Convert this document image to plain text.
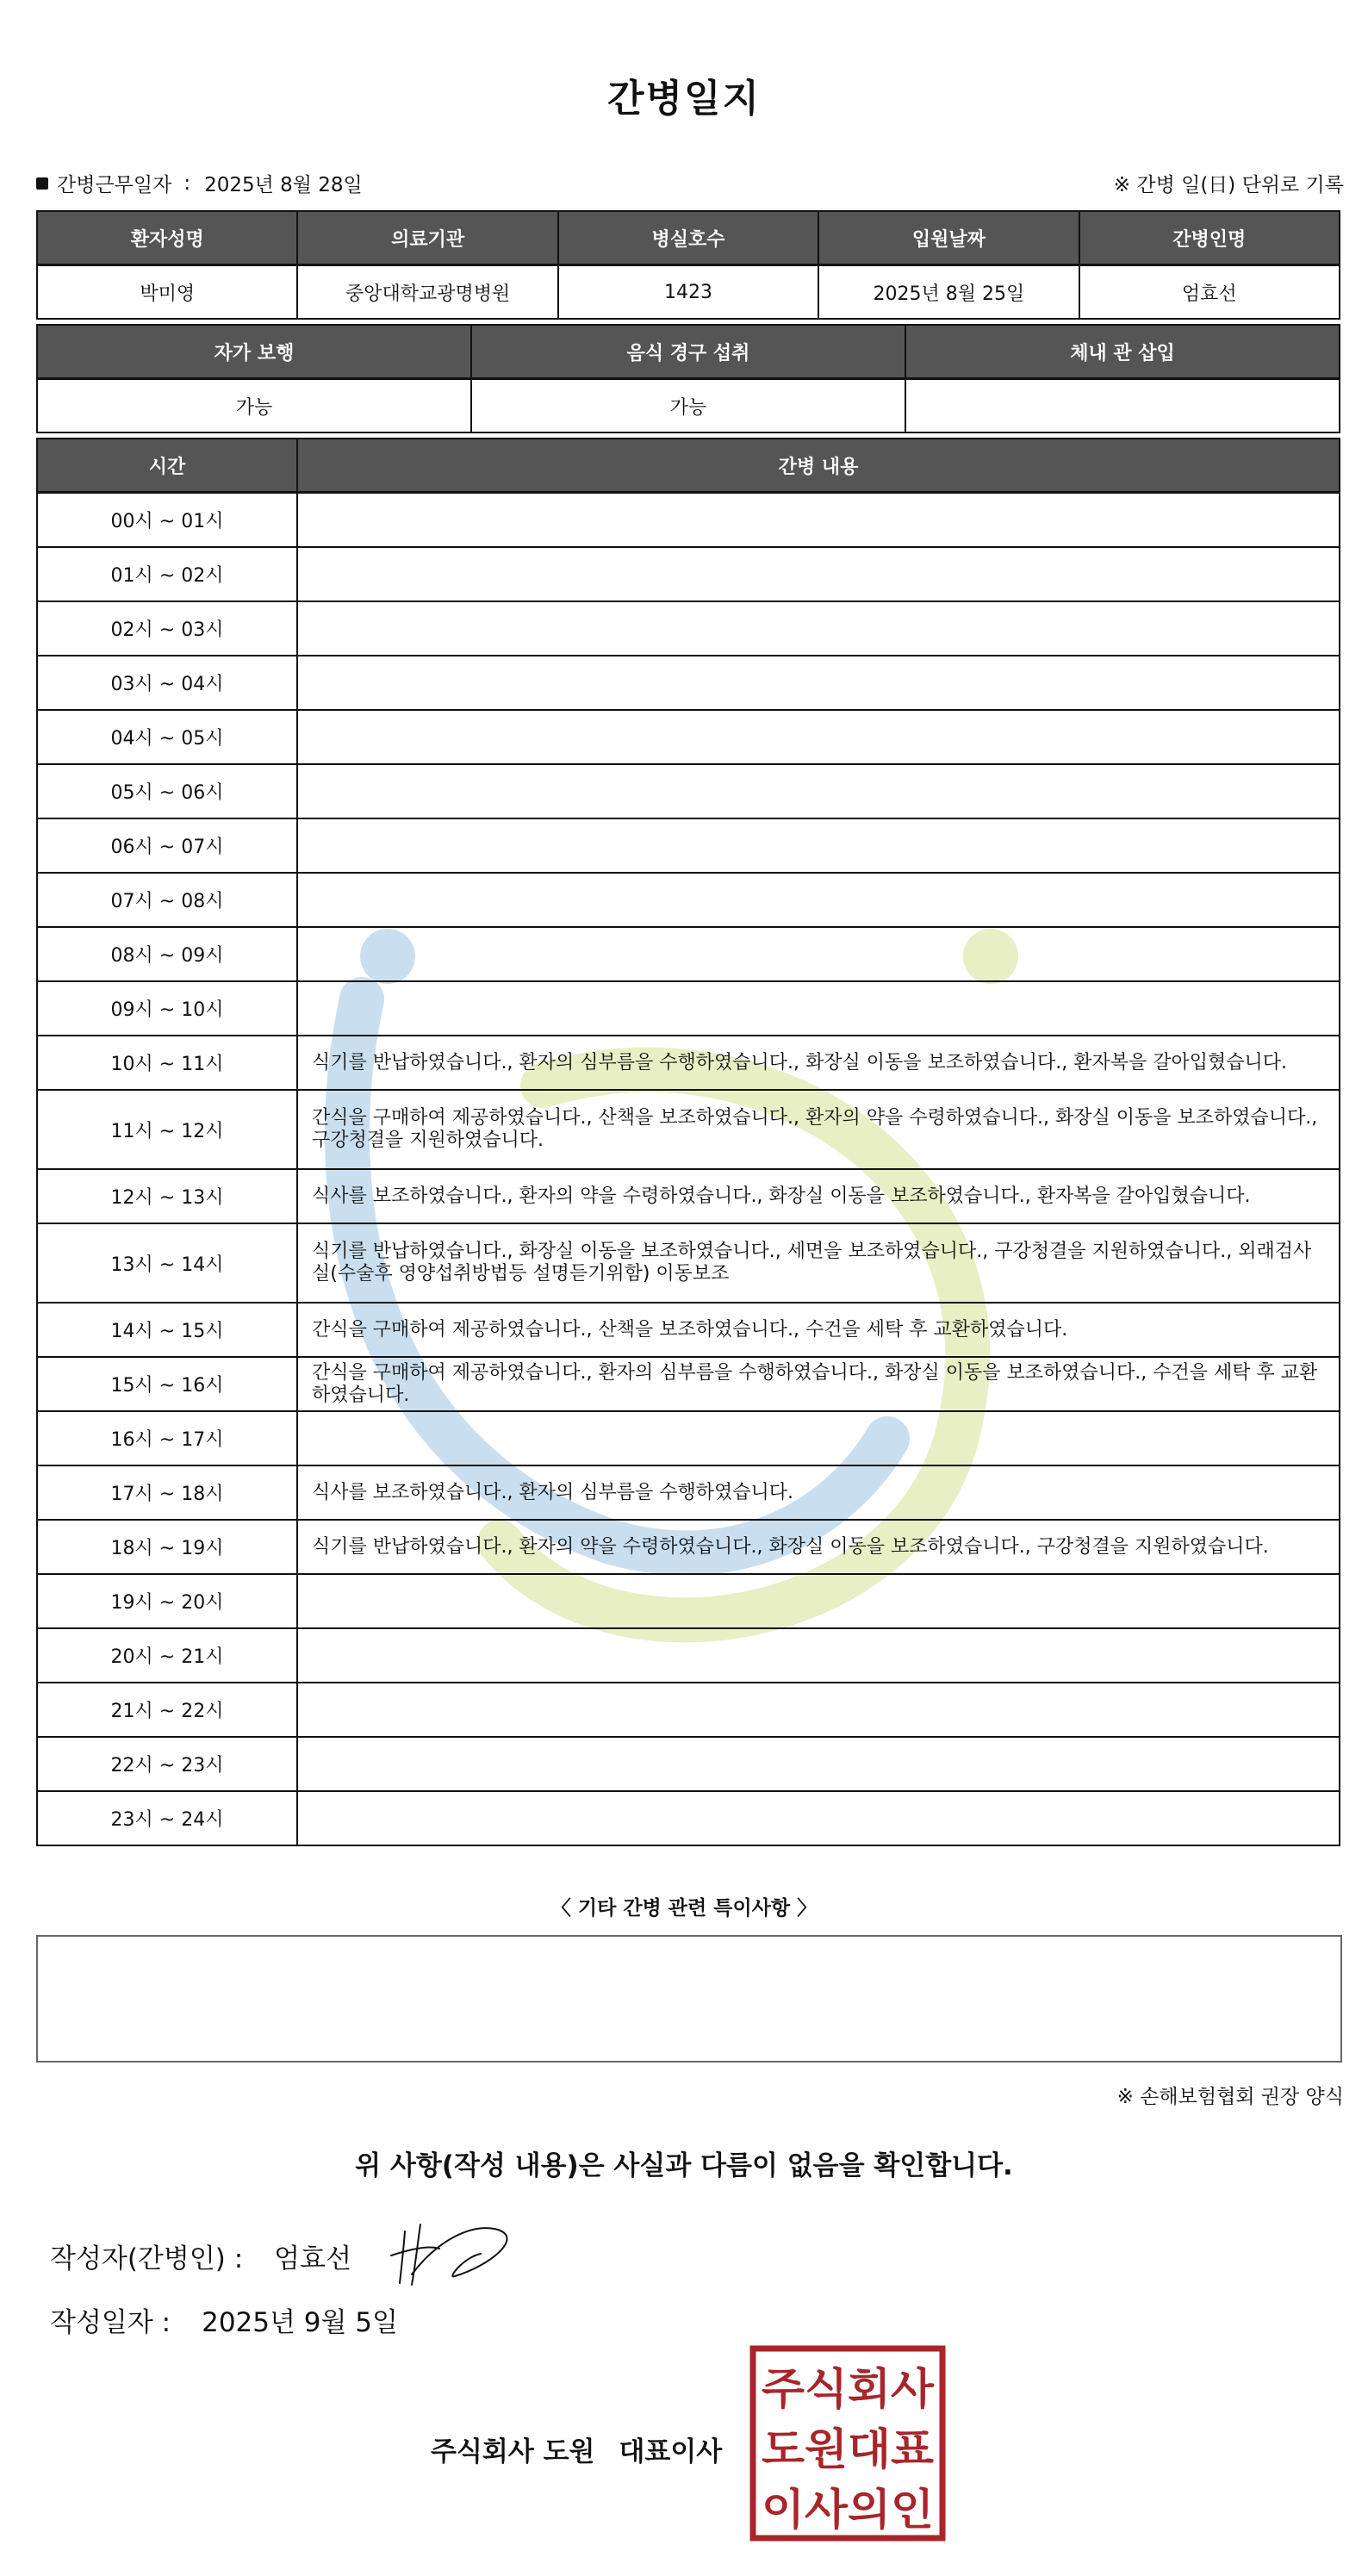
간병일지
간병근무일자 : 2025년 8월 28일	※ 간병 일(日) 단위로 기록
환자성명	의료기관	병실호수	입원날짜	간병인명
박미영	중앙대학교광명병원	1423	2025년 8월 25일	엄효선
자가 보행	음식 경구 섭취	체내 관 삽입
가능	가능	
시간	간병 내용
00시 ~ 01시	
01시 ~ 02시	
02시 ~ 03시	
03시 ~ 04시	
04시 ~ 05시	
05시 ~ 06시	
06시 ~ 07시	
07시 ~ 08시	
08시 ~ 09시	
09시 ~ 10시	
10시 ~ 11시	식기를 반납하였습니다., 환자의 심부름을 수행하였습니다., 화장실 이동을 보조하였습니다., 환자복을 갈아입혔습니다.
11시 ~ 12시	간식을 구매하여 제공하였습니다., 산책을 보조하였습니다., 환자의 약을 수령하였습니다., 화장실 이동을 보조하였습니다., 구강청결을 지원하였습니다.
12시 ~ 13시	식사를 보조하였습니다., 환자의 약을 수령하였습니다., 화장실 이동을 보조하였습니다., 환자복을 갈아입혔습니다.
13시 ~ 14시	식기를 반납하였습니다., 화장실 이동을 보조하였습니다., 세면을 보조하였습니다., 구강청결을 지원하였습니다., 외래검사실(수술후 영양섭취방법등 설명듣기위함) 이동보조
14시 ~ 15시	간식을 구매하여 제공하였습니다., 산책을 보조하였습니다., 수건을 세탁 후 교환하였습니다.
15시 ~ 16시	간식을 구매하여 제공하였습니다., 환자의 심부름을 수행하였습니다., 화장실 이동을 보조하였습니다., 수건을 세탁 후 교환하였습니다.
16시 ~ 17시	
17시 ~ 18시	식사를 보조하였습니다., 환자의 심부름을 수행하였습니다.
18시 ~ 19시	식기를 반납하였습니다., 환자의 약을 수령하였습니다., 화장실 이동을 보조하였습니다., 구강청결을 지원하였습니다.
19시 ~ 20시	
20시 ~ 21시	
21시 ~ 22시	
22시 ~ 23시	
23시 ~ 24시	
〈 기타 간병 관련 특이사항 〉
※ 손해보험협회 권장 양식
위 사항(작성 내용)은 사실과 다름이 없음을 확인합니다.
작성자(간병인) : 엄효선
작성일자 : 2025년 9월 5일
주식회사 도원 대표이사
주식회사
도원대표
이사의인
